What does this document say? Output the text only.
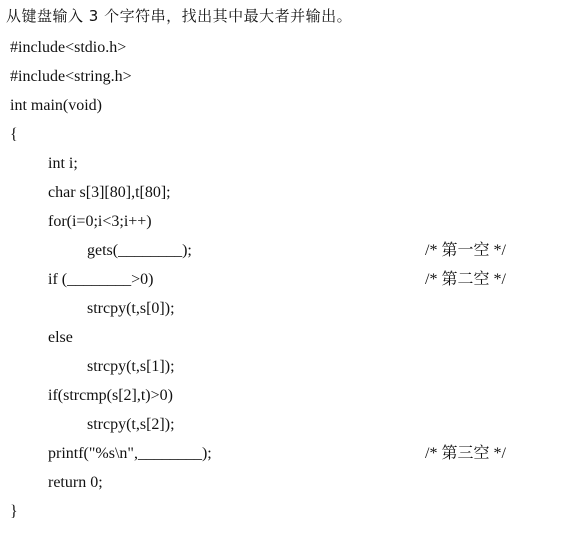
从键盘输入 3 个字符串，找出其中最大者并输出。
#include<stdio.h>
#include<string.h>
int main(void)
{
int i;
char s[3][80],t[80];
for(i=0;i<3;i++)
gets(________);	/* 第一空 */
if (________>0)	/* 第二空 */
strcpy(t,s[0]);
else
strcpy(t,s[1]);
if(strcmp(s[2],t)>0)
strcpy(t,s[2]);
printf("%s\n",________);	/* 第三空 */
return 0;
}
